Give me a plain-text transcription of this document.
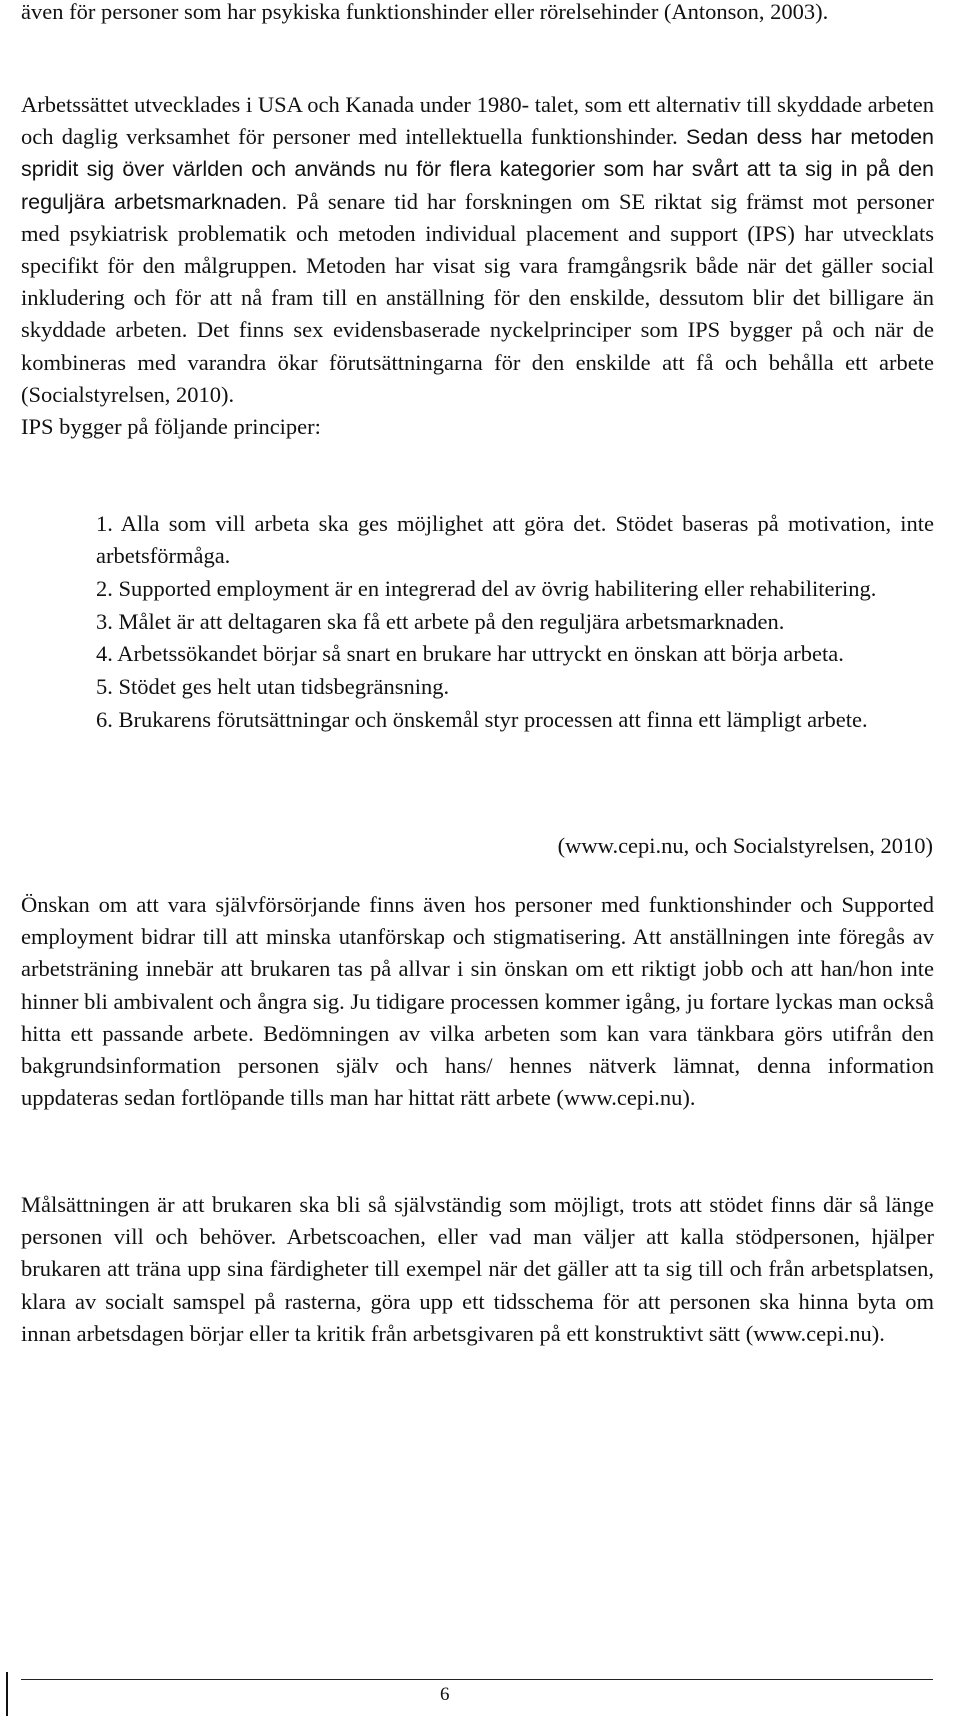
även för personer som har psykiska funktionshinder eller rörelsehinder (Antonson, 2003).

Arbetssättet utvecklades i USA och Kanada under 1980- talet, som ett alternativ till skyddade arbeten och daglig verksamhet för personer med intellektuella funktionshinder. Sedan dess har metoden spridit sig över världen och används nu för flera kategorier som har svårt att ta sig in på den reguljära arbetsmarknaden. På senare tid har forskningen om SE riktat sig främst mot personer med psykiatrisk problematik och metoden individual placement and support (IPS) har utvecklats specifikt för den målgruppen. Metoden har visat sig vara framgångsrik både när det gäller social inkludering och för att nå fram till en anställning för den enskilde, dessutom blir det billigare än skyddade arbeten. Det finns sex evidensbaserade nyckelprinciper som IPS bygger på och när de kombineras med varandra ökar förutsättningarna för den enskilde att få och behålla ett arbete (Socialstyrelsen, 2010).
IPS bygger på följande principer:

1. Alla som vill arbeta ska ges möjlighet att göra det. Stödet baseras på motivation, inte arbetsförmåga.
2. Supported employment är en integrerad del av övrig habilitering eller rehabilitering.
3. Målet är att deltagaren ska få ett arbete på den reguljära arbetsmarknaden.
4. Arbetssökandet börjar så snart en brukare har uttryckt en önskan att börja arbeta.
5. Stödet ges helt utan tidsbegränsning.
6. Brukarens förutsättningar och önskemål styr processen att finna ett lämpligt arbete.

(www.cepi.nu, och Socialstyrelsen, 2010)

Önskan om att vara självförsörjande finns även hos personer med funktionshinder och Supported employment bidrar till att minska utanförskap och stigmatisering. Att anställningen inte föregås av arbetsträning innebär att brukaren tas på allvar i sin önskan om ett riktigt jobb och att han/hon inte hinner bli ambivalent och ångra sig. Ju tidigare processen kommer igång, ju fortare lyckas man också hitta ett passande arbete. Bedömningen av vilka arbeten som kan vara tänkbara görs utifrån den bakgrundsinformation personen själv och hans/ hennes nätverk lämnat, denna information uppdateras sedan fortlöpande tills man har hittat rätt arbete (www.cepi.nu).

Målsättningen är att brukaren ska bli så självständig som möjligt, trots att stödet finns där så länge personen vill och behöver. Arbetscoachen, eller vad man väljer att kalla stödpersonen, hjälper brukaren att träna upp sina färdigheter till exempel när det gäller att ta sig till och från arbetsplatsen, klara av socialt samspel på rasterna, göra upp ett tidsschema för att personen ska hinna byta om innan arbetsdagen börjar eller ta kritik från arbetsgivaren på ett konstruktivt sätt (www.cepi.nu).

6
